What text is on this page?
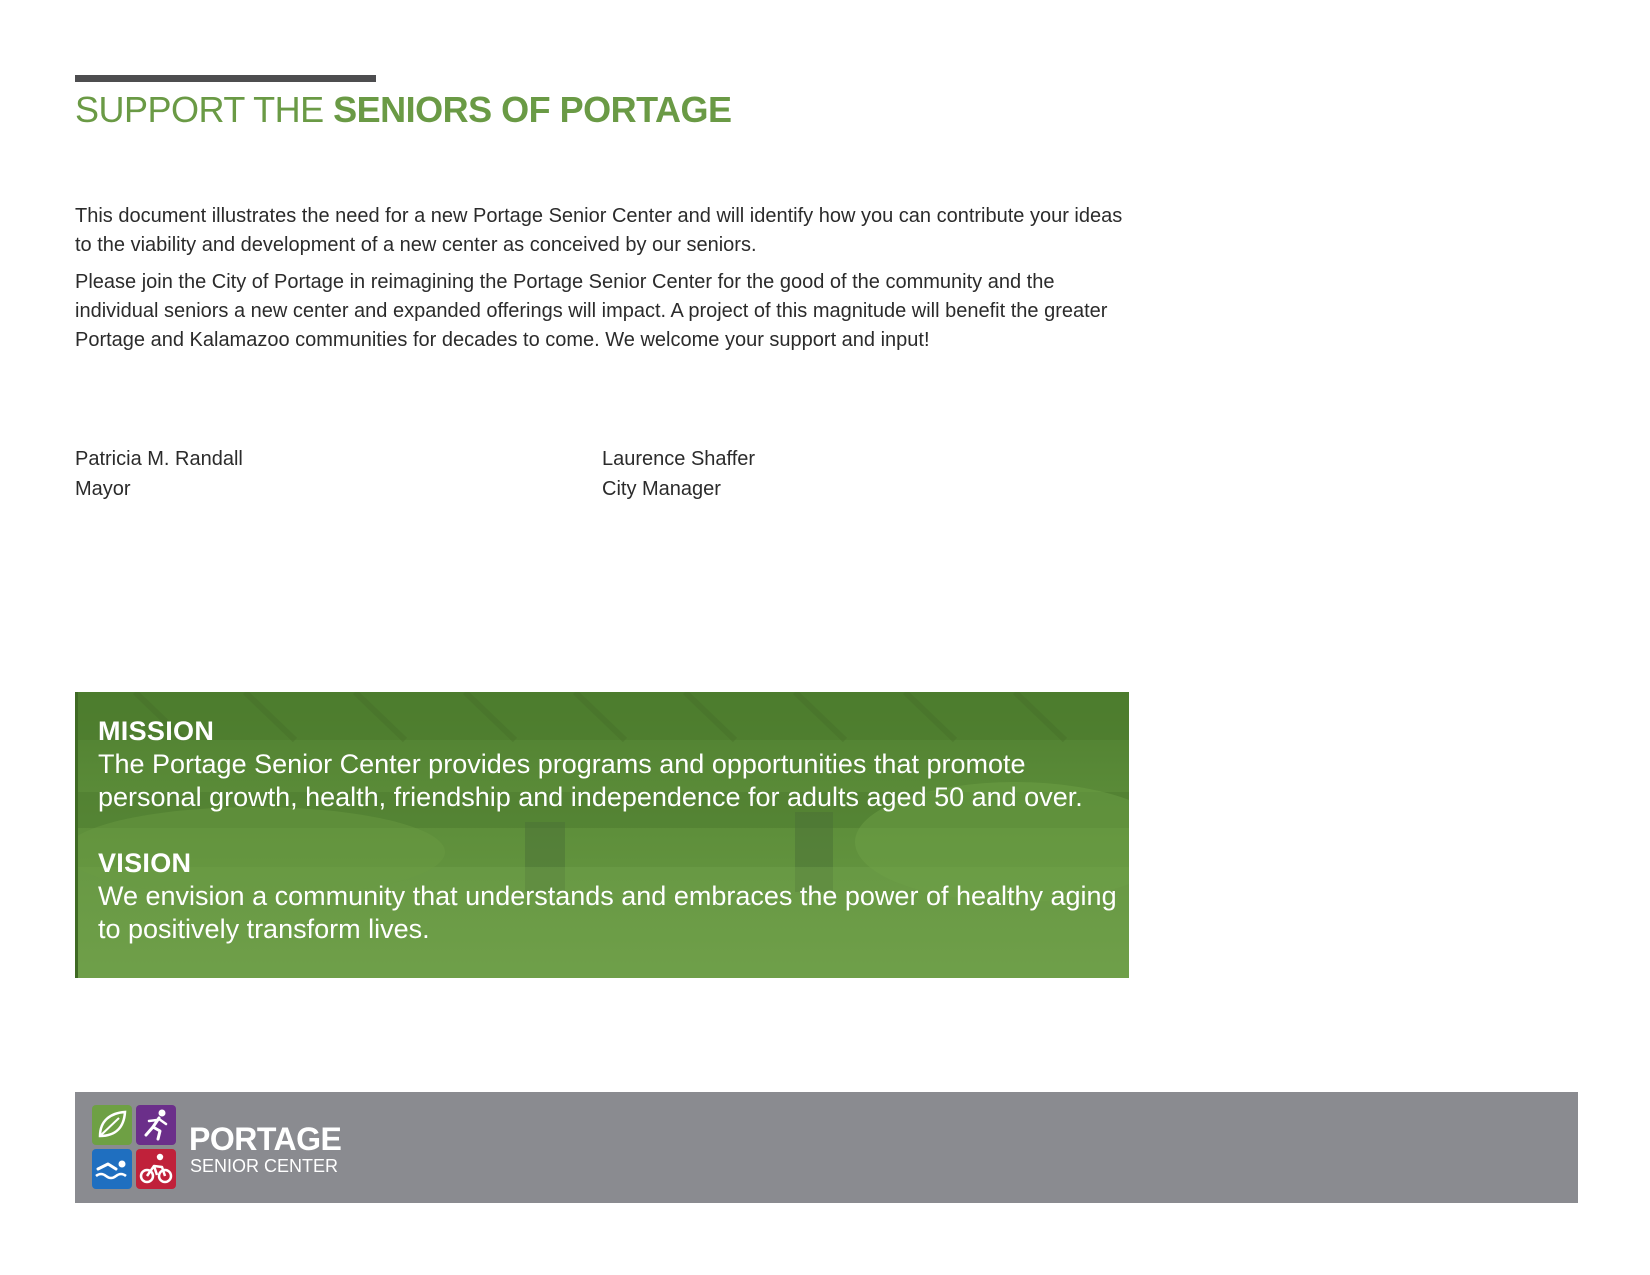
SUPPORT THE SENIORS OF PORTAGE

This document illustrates the need for a new Portage Senior Center and will identify how you can contribute your ideas to the viability and development of a new center as conceived by our seniors.

Please join the City of Portage in reimagining the Portage Senior Center for the good of the community and the individual seniors a new center and expanded offerings will impact. A project of this magnitude will benefit the greater Portage and Kalamazoo communities for decades to come. We welcome your support and input!

Patricia M. Randall
Mayor
Laurence Shaffer
City Manager
MISSION
The Portage Senior Center provides programs and opportunities that promote personal growth, health, friendship and independence for adults aged 50 and over.
VISION
We envision a community that understands and embraces the power of healthy aging to positively transform lives.
PORTAGE
SENIOR CENTER
